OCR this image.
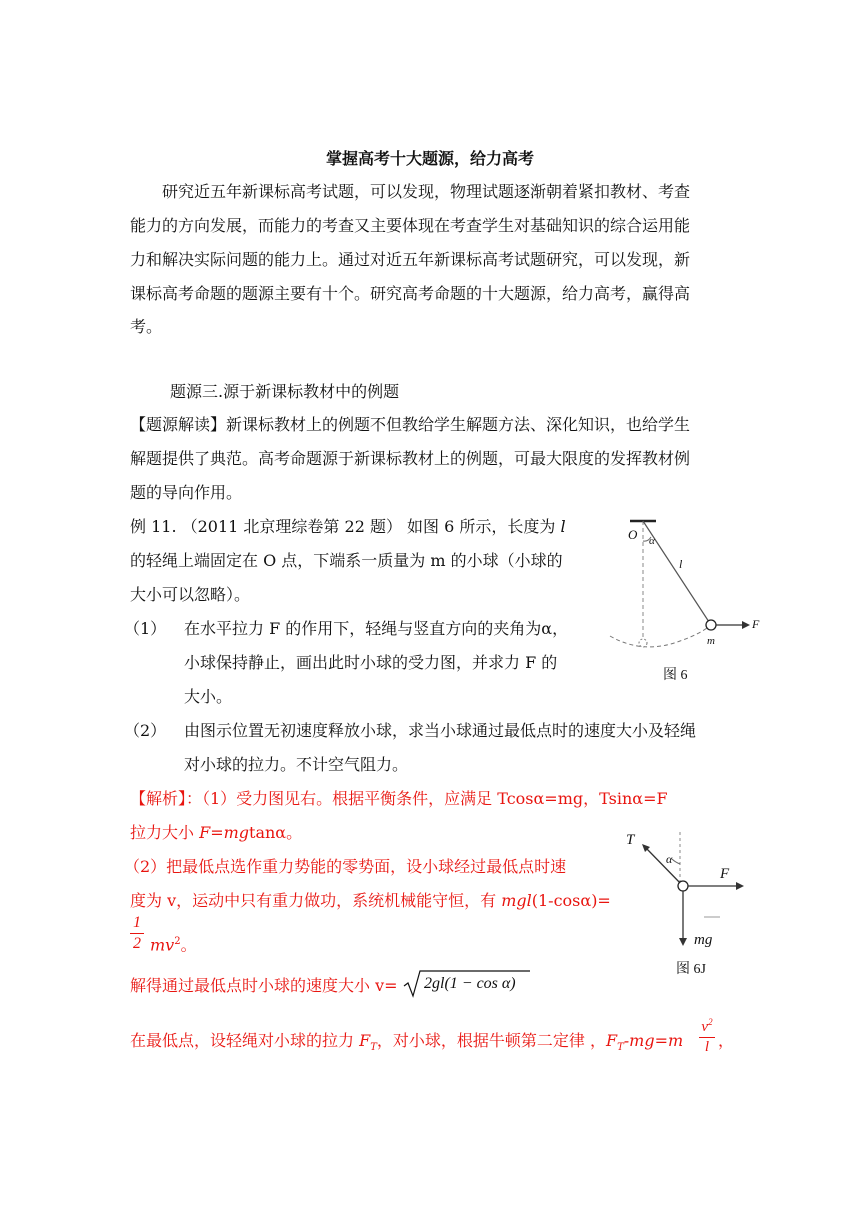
掌握高考十大题源，给力高考
研究近五年新课标高考试题，可以发现，物理试题逐渐朝着紧扣教材、考查
能力的方向发展，而能力的考查又主要体现在考查学生对基础知识的综合运用能
力和解决实际问题的能力上。通过对近五年新课标高考试题研究，可以发现，新
课标高考命题的题源主要有十个。研究高考命题的十大题源，给力高考，赢得高
考。
题源三.源于新课标教材中的例题
【题源解读】新课标教材上的例题不但教给学生解题方法、深化知识，也给学生
解题提供了典范。高考命题源于新课标教材上的例题，可最大限度的发挥教材例
题的导向作用。
例 11. （2011 北京理综卷第 22 题） 如图 6 所示，长度为 l
的轻绳上端固定在 O 点，下端系一质量为 m 的小球（小球的
大小可以忽略）。
（1） 在水平拉力 F 的作用下，轻绳与竖直方向的夹角为α，
小球保持静止，画出此时小球的受力图，并求力 F 的
大小。
（2） 由图示位置无初速度释放小球，求当小球通过最低点时的速度大小及轻绳
对小球的拉力。不计空气阻力。
O α
l
F
m
图 6
【解析】：（1）受力图见右。根据平衡条件，应满足 Tcosα=mg，Tsinα=F
拉力大小 F=mgtanα。
（2）把最低点选作重力势能的零势面，设小球经过最低点时速
度为 v，运动中只有重力做功，系统机械能守恒，有 mgl(1-cosα)=
1
2 $mv^2$。
解得通过最低点时小球的速度大小 v= 2gl(1 − cos α)
T
α
F
mg
图 6J
在最低点，设轻绳对小球的拉力 $F_T$，对小球，根据牛顿第二定律 ，$F_T-mg=m$
$v^2$
l ，
